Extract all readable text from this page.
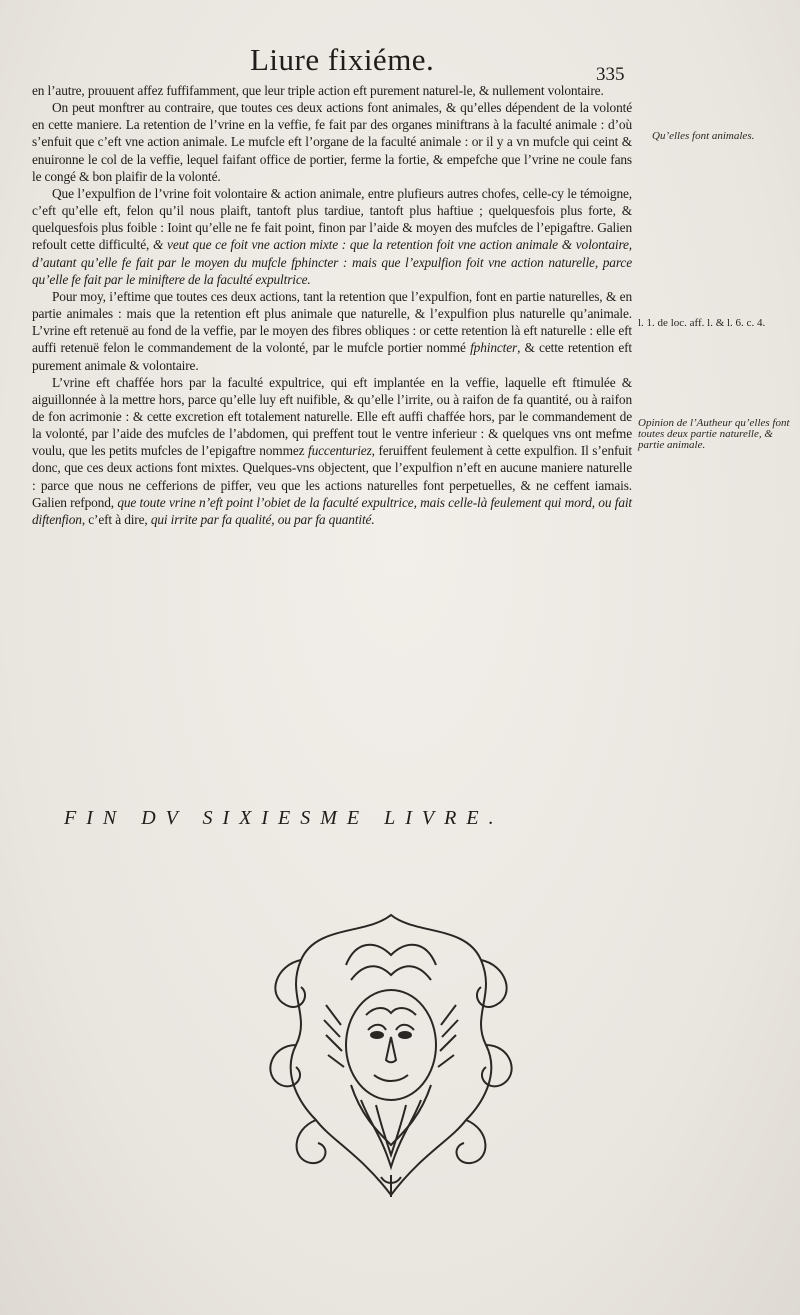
Liure fixiéme.	335

en l’autre, prouuent affez fuffifamment, que leur triple action eft purement naturel-le, & nullement volontaire.

On peut monftrer au contraire, que toutes ces deux actions font animales, & qu’elles dépendent de la volonté en cette maniere. La retention de l’vrine en la veffie, fe fait par des organes miniftrans à la faculté animale : d’où s’enfuit que c’eft vne action animale. Le mufcle eft l’organe de la faculté animale : or il y a vn mufcle qui ceint & enuironne le col de la veffie, lequel faifant office de portier, ferme la fortie, & empefche que l’vrine ne coule fans le congé & bon plaifir de la volonté.

Que l’expulfion de l’vrine foit volontaire & action animale, entre plufieurs autres chofes, celle-cy le témoigne, c’eft qu’elle eft, felon qu’il nous plaift, tantoft plus tardiue, tantoft plus haftiue ; quelquesfois plus forte, & quelquesfois plus foible : Ioint qu’elle ne fe fait point, finon par l’aide & moyen des mufcles de l’epigaftre. Galien refoult cette difficulté, & veut que ce foit vne action mixte : que la retention foit vne action animale & volontaire, d’autant qu’elle fe fait par le moyen du mufcle fphincter : mais que l’expulfion foit vne action naturelle, parce qu’elle fe fait par le miniftere de la faculté expultrice.

Pour moy, i’eftime que toutes ces deux actions, tant la retention que l’expulfion, font en partie naturelles, & en partie animales : mais que la retention eft plus animale que naturelle, & l’expulfion plus naturelle qu’animale. L’vrine eft retenuë au fond de la veffie, par le moyen des fibres obliques : or cette retention là eft naturelle : elle eft auffi retenuë felon le commandement de la volonté, par le mufcle portier nommé fphincter, & cette retention eft purement animale & volontaire.

L’vrine eft chaffée hors par la faculté expultrice, qui eft implantée en la veffie, laquelle eft ftimulée & aiguillonnée à la mettre hors, parce qu’elle luy eft nuifible, & qu’elle l’irrite, ou à raifon de fa quantité, ou à raifon de fon acrimonie : & cette excretion eft totalement naturelle. Elle eft auffi chaffée hors, par le commandement de la volonté, par l’aide des mufcles de l’abdomen, qui preffent tout le ventre inferieur : & quelques vns ont mefme voulu, que les petits mufcles de l’epigaftre nommez fuccenturiez, feruiffent feulement à cette expulfion. Il s’enfuit donc, que ces deux actions font mixtes. Quelques-vns objectent, que l’expulfion n’eft en aucune maniere naturelle : parce que nous ne cefferions de piffer, veu que les actions naturelles font perpetuelles, & ne ceffent iamais. Galien refpond, que toute vrine n’eft point l’obiet de la faculté expultrice, mais celle-là feulement qui mord, ou fait diftenfion, c’eft à dire, qui irrite par fa qualité, ou par fa quantité.

Qu’elles font animales.
l. 1. de loc. aff. l. & l. 6. c. 4.
Opinion de l’Autheur qu’elles font toutes deux partie naturelle, & partie animale.
FIN DV SIXIESME LIVRE.
